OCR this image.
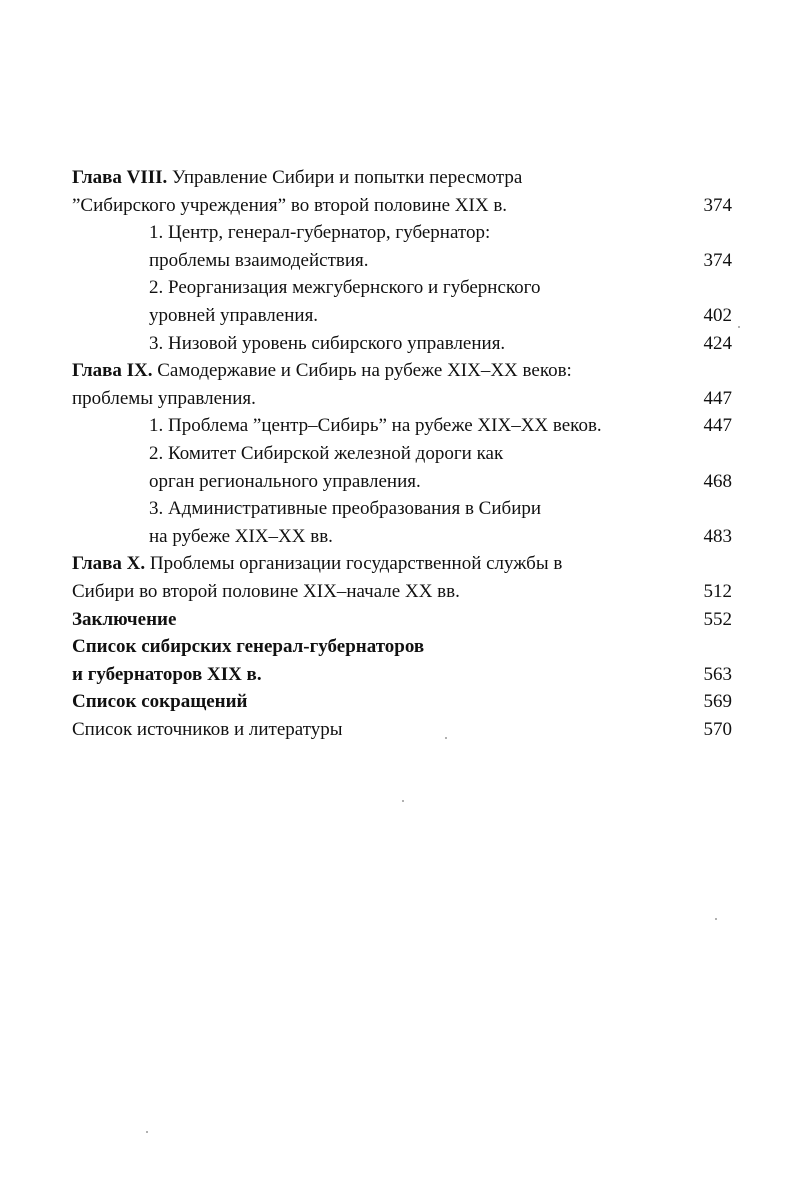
Глава VIII. Управление Сибири и попытки пересмотра
”Сибирского учреждения” во второй половине XIX в.	374
1. Центр, генерал-губернатор, губернатор:
проблемы взаимодействия.	374
2. Реорганизация межгубернского и губернского
уровней управления.	402
3. Низовой уровень сибирского управления.	424
Глава IX. Самодержавие и Сибирь на рубеже XIX–XX веков:
проблемы управления.	447
1. Проблема ”центр–Сибирь” на рубеже XIX–XX веков.	447
2. Комитет Сибирской железной дороги как
орган регионального управления.	468
3. Административные преобразования в Сибири
на рубеже XIX–XX вв.	483
Глава X. Проблемы организации государственной службы в
Сибири во второй половине XIX–начале XX вв.	512
Заключение	552
Список сибирских генерал-губернаторов
и губернаторов XIX в.	563
Список сокращений	569
Список источников и литературы	570
